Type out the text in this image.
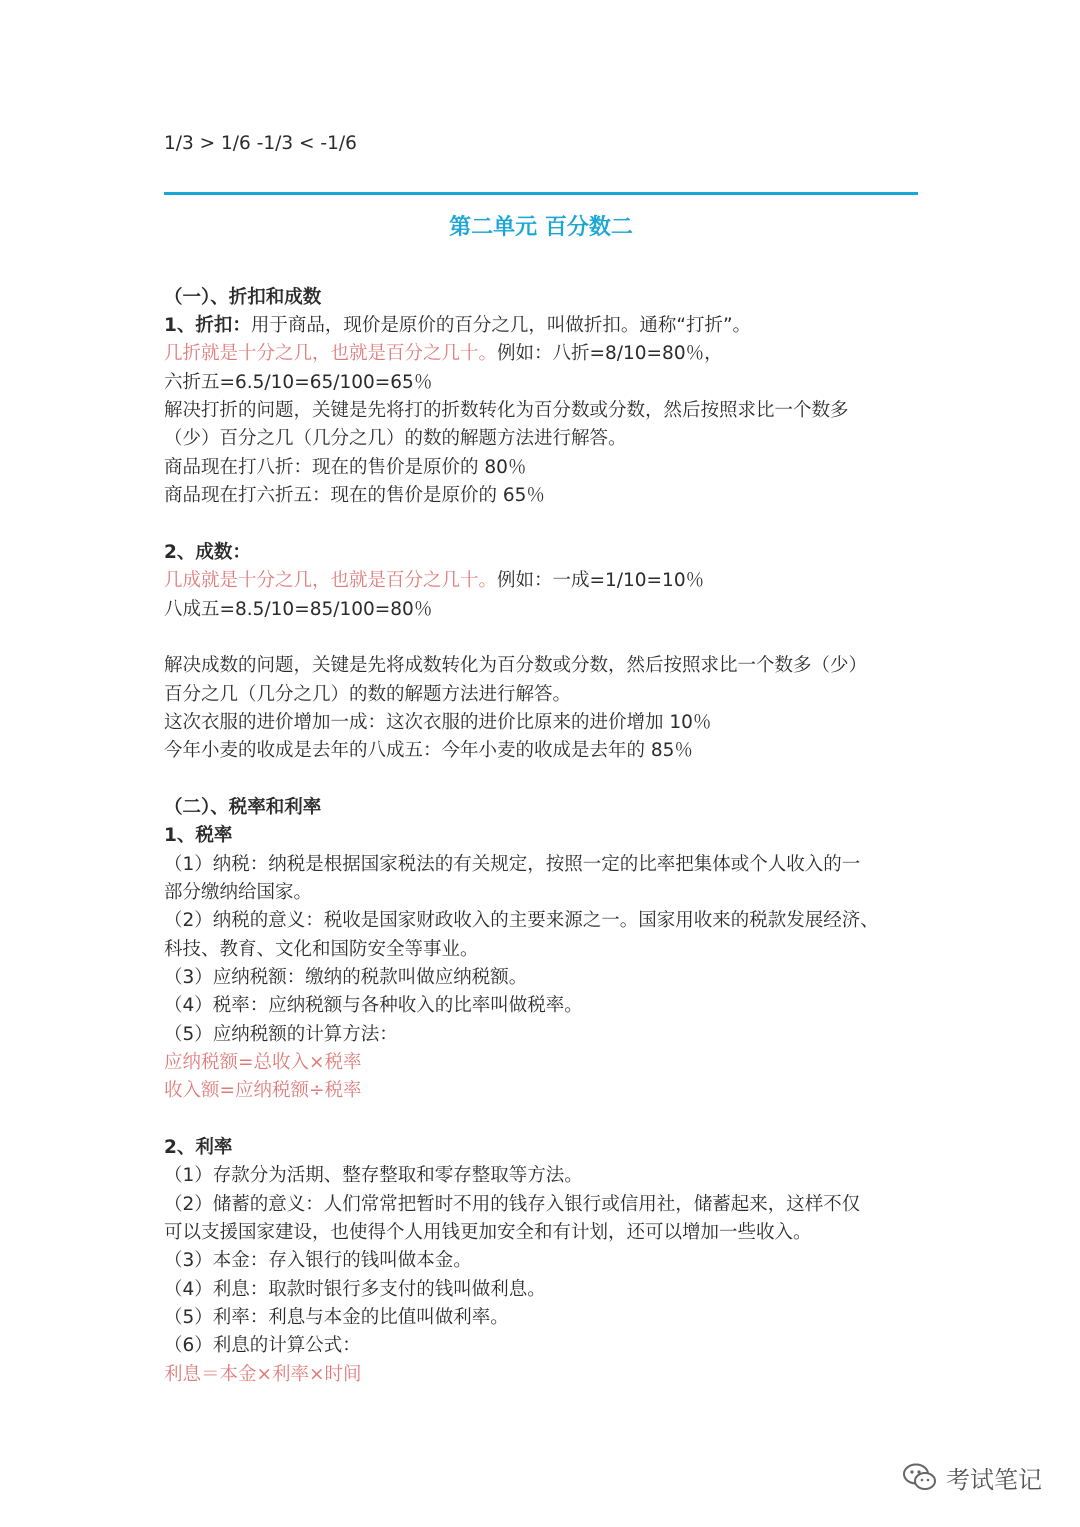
1/3 > 1/6 -1/3 < -1/6
第二单元 百分数二
（一）、折扣和成数
1、折扣：用于商品，现价是原价的百分之几，叫做折扣。通称“打折”。
几折就是十分之几，也就是百分之几十。例如：八折=8/10=80％，
六折五=6.5/10=65/100=65％
解决打折的问题，关键是先将打的折数转化为百分数或分数，然后按照求比一个数多
（少）百分之几（几分之几）的数的解题方法进行解答。
商品现在打八折：现在的售价是原价的 80％
商品现在打六折五：现在的售价是原价的 65％
2、成数：
几成就是十分之几，也就是百分之几十。例如：一成=1/10=10％
八成五=8.5/10=85/100=80％
解决成数的问题，关键是先将成数转化为百分数或分数，然后按照求比一个数多（少）
百分之几（几分之几）的数的解题方法进行解答。
这次衣服的进价增加一成：这次衣服的进价比原来的进价增加 10％
今年小麦的收成是去年的八成五：今年小麦的收成是去年的 85％
（二）、税率和利率
1、税率
（1）纳税：纳税是根据国家税法的有关规定，按照一定的比率把集体或个人收入的一
部分缴纳给国家。
（2）纳税的意义：税收是国家财政收入的主要来源之一。国家用收来的税款发展经济、
科技、教育、文化和国防安全等事业。
（3）应纳税额：缴纳的税款叫做应纳税额。
（4）税率：应纳税额与各种收入的比率叫做税率。
（5）应纳税额的计算方法：
应纳税额=总收入×税率
收入额=应纳税额÷税率
2、利率
（1）存款分为活期、整存整取和零存整取等方法。
（2）储蓄的意义：人们常常把暂时不用的钱存入银行或信用社，储蓄起来，这样不仅
可以支援国家建设，也使得个人用钱更加安全和有计划，还可以增加一些收入。
（3）本金：存入银行的钱叫做本金。
（4）利息：取款时银行多支付的钱叫做利息。
（5）利率：利息与本金的比值叫做利率。
（6）利息的计算公式：
利息＝本金×利率×时间
考试笔记
